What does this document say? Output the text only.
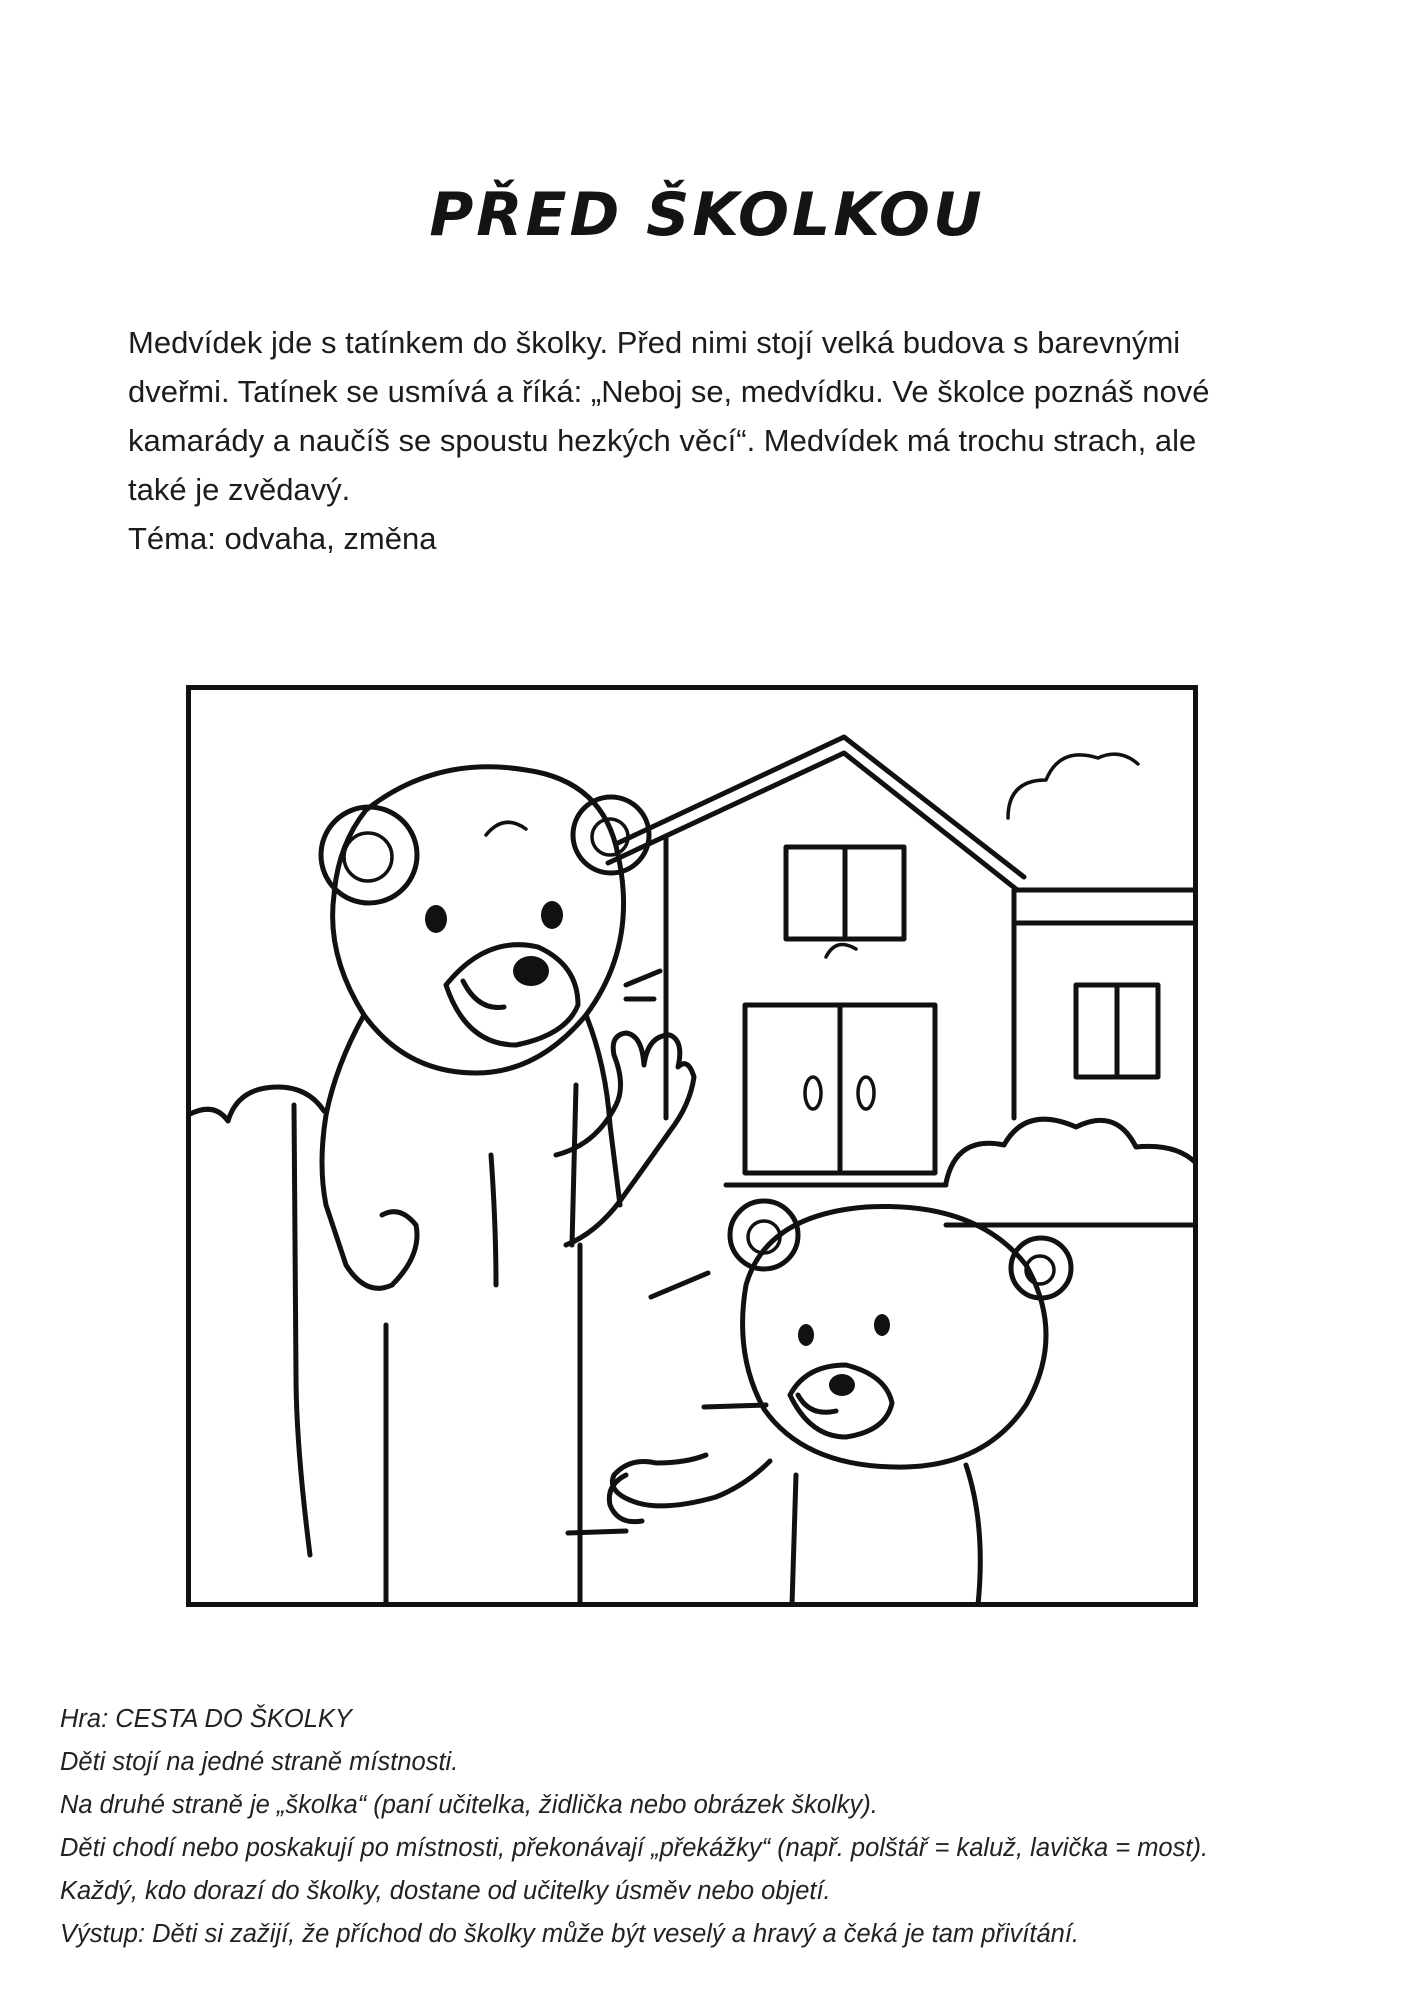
PŘED ŠKOLKOU

Medvídek jde s tatínkem do školky. Před nimi stojí velká budova s barevnými

dveřmi. Tatínek se usmívá a říká: „Neboj se, medvídku. Ve školce poznáš nové

kamarády a naučíš se spoustu hezkých věcí“. Medvídek má trochu strach, ale

také je zvědavý.

Téma: odvaha, změna

Hra: CESTA DO ŠKOLKY

Děti stojí na jedné straně místnosti.

Na druhé straně je „školka“ (paní učitelka, židlička nebo obrázek školky).

Děti chodí nebo poskakují po místnosti, překonávají „překážky“ (např. polštář = kaluž, lavička = most).

Každý, kdo dorazí do školky, dostane od učitelky úsměv nebo objetí.

Výstup: Děti si zažijí, že příchod do školky může být veselý a hravý a čeká je tam přivítání.
